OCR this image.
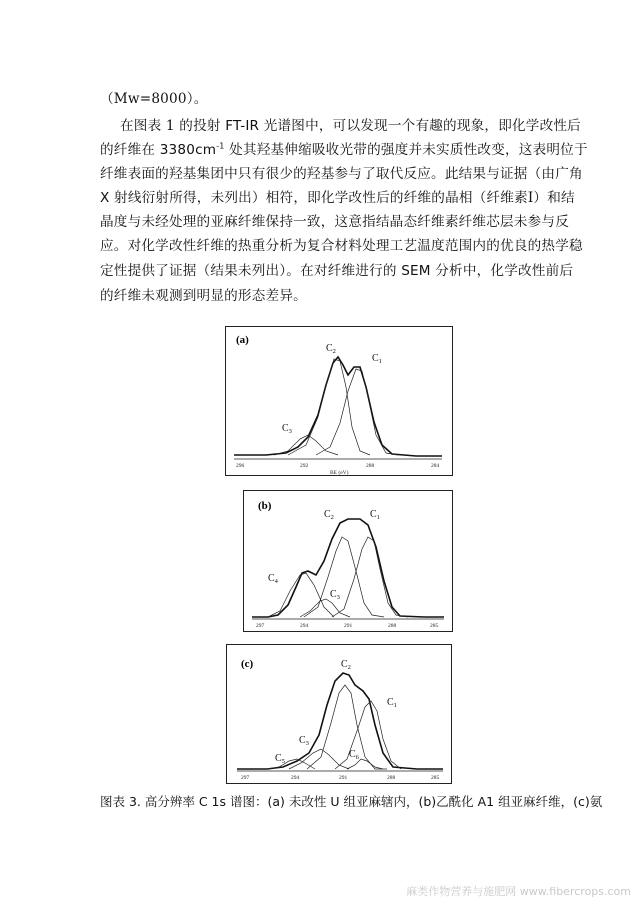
（Mw=8000）。
在图表 1 的投射 FT-IR 光谱图中，可以发现一个有趣的现象，即化学改性后
的纤维在 $3380cm^{-1}$ 处其羟基伸缩吸收光带的强度并未实质性改变，这表明位于
纤维表面的羟基集团中只有很少的羟基参与了取代反应。此结果与证据（由广角
X 射线衍射所得，未列出）相符，即化学改性后的纤维的晶相（纤维素Ⅰ）和结
晶度与未经处理的亚麻纤维保持一致，这意指结晶态纤维素纤维芯层未参与反
应。对化学改性纤维的热重分析为复合材料处理工艺温度范围内的优良的热学稳
定性提供了证据（结果未列出）。在对纤维进行的 SEM 分析中，化学改性前后
的纤维未观测到明显的形态差异。
(a)
$C_2$
$C_1$
$C_3$
296	292	288	284
BE (eV)
(b)
$C_2$	$C_1$
$C_4$
$C_3$
297	294	291	288	285
(c)	$C_2$
$C_1$
$C_3$
$C_5$
$C_6$
297	294	291	288	285
图表 3. 高分辨率 C 1s 谱图：(a) 未改性 U 组亚麻辖内，(b)乙酰化 A1 组亚麻纤维，(c)氨
麻类作物营养与施肥网 www.fibercrops.com
